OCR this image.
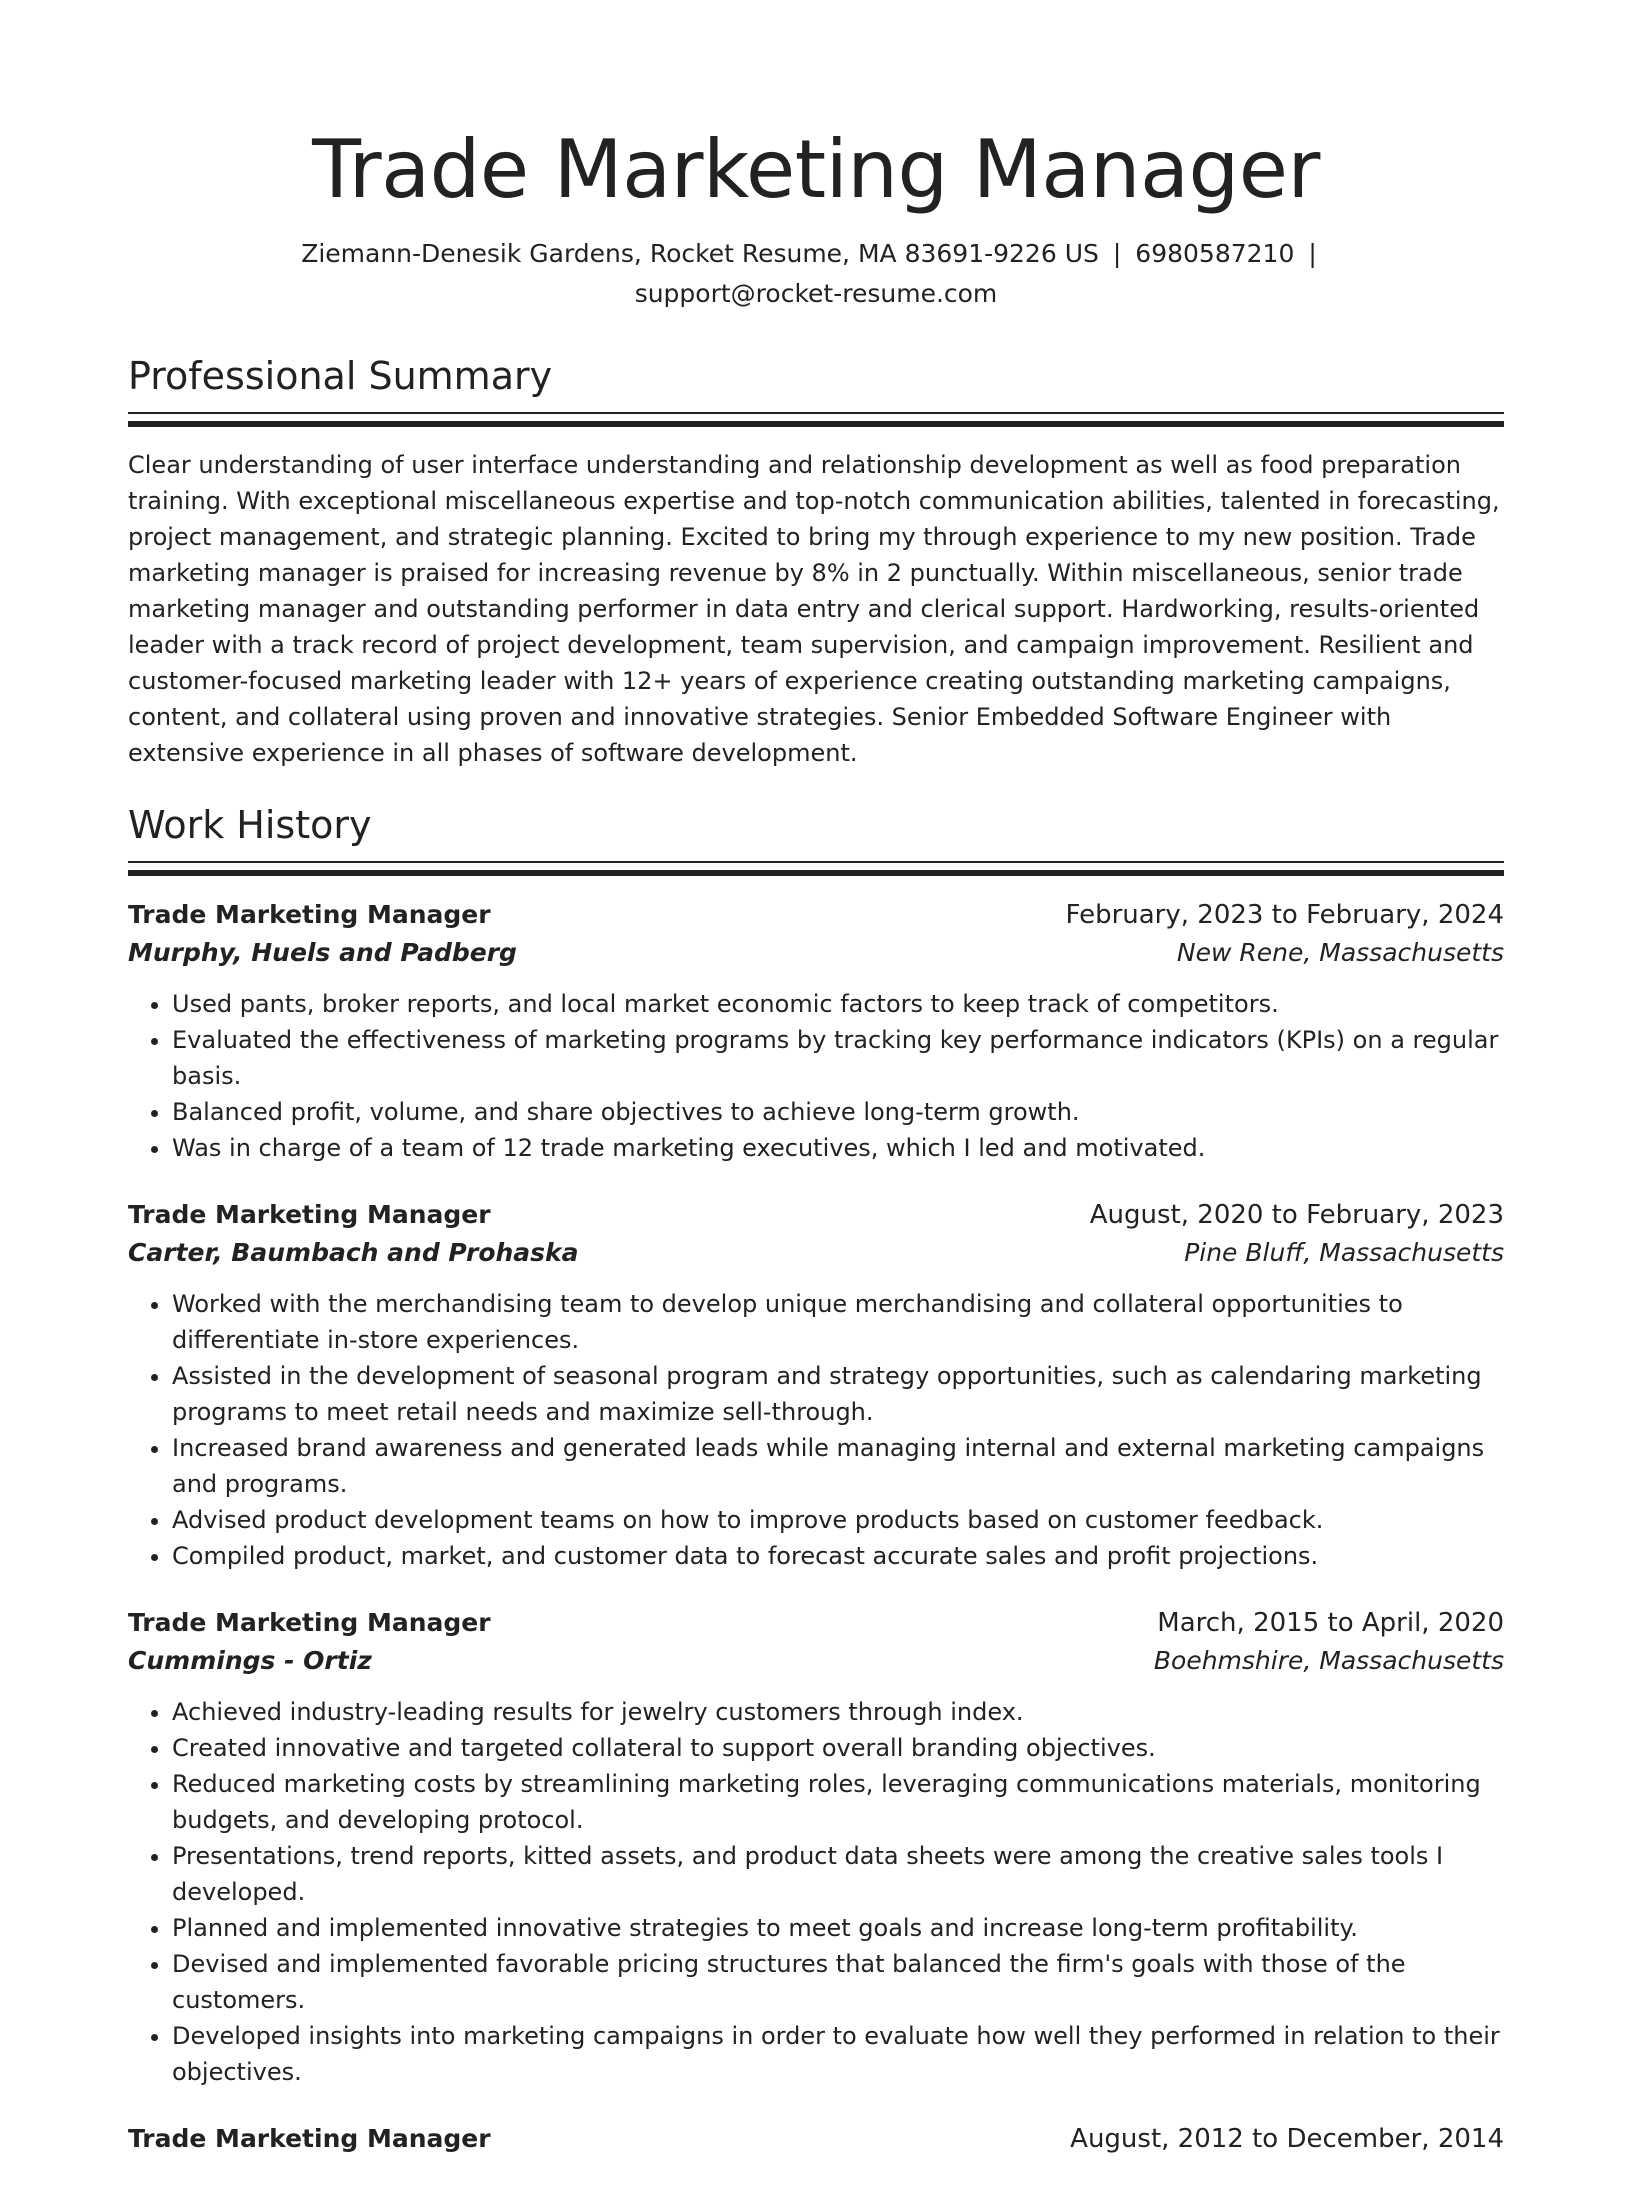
Trade Marketing Manager
Ziemann-Denesik Gardens, Rocket Resume, MA 83691-9226 US | 6980587210 |
support@rocket-resume.com
Professional Summary

Clear understanding of user interface understanding and relationship development as well as food preparation training. With exceptional miscellaneous expertise and top-notch communication abilities, talented in forecasting, project management, and strategic planning. Excited to bring my through experience to my new position. Trade marketing manager is praised for increasing revenue by 8% in 2 punctually. Within miscellaneous, senior trade marketing manager and outstanding performer in data entry and clerical support. Hardworking, results-oriented leader with a track record of project development, team supervision, and campaign improvement. Resilient and customer-focused marketing leader with 12+ years of experience creating outstanding marketing campaigns, content, and collateral using proven and innovative strategies. Senior Embedded Software Engineer with extensive experience in all phases of software development.

Work History
Trade Marketing Manager	February, 2023 to February, 2024
Murphy, Huels and Padberg	New Rene, Massachusetts
• Used pants, broker reports, and local market economic factors to keep track of competitors.
• Evaluated the effectiveness of marketing programs by tracking key performance indicators (KPIs) on a regular basis.
• Balanced profit, volume, and share objectives to achieve long-term growth.
• Was in charge of a team of 12 trade marketing executives, which I led and motivated.
Trade Marketing Manager	August, 2020 to February, 2023
Carter, Baumbach and Prohaska	Pine Bluff, Massachusetts
• Worked with the merchandising team to develop unique merchandising and collateral opportunities to differentiate in-store experiences.
• Assisted in the development of seasonal program and strategy opportunities, such as calendaring marketing programs to meet retail needs and maximize sell-through.
• Increased brand awareness and generated leads while managing internal and external marketing campaigns and programs.
• Advised product development teams on how to improve products based on customer feedback.
• Compiled product, market, and customer data to forecast accurate sales and profit projections.
Trade Marketing Manager	March, 2015 to April, 2020
Cummings - Ortiz	Boehmshire, Massachusetts
• Achieved industry-leading results for jewelry customers through index.
• Created innovative and targeted collateral to support overall branding objectives.
• Reduced marketing costs by streamlining marketing roles, leveraging communications materials, monitoring budgets, and developing protocol.
• Presentations, trend reports, kitted assets, and product data sheets were among the creative sales tools I developed.
• Planned and implemented innovative strategies to meet goals and increase long-term profitability.
• Devised and implemented favorable pricing structures that balanced the firm's goals with those of the customers.
• Developed insights into marketing campaigns in order to evaluate how well they performed in relation to their objectives.
Trade Marketing Manager	August, 2012 to December, 2014
